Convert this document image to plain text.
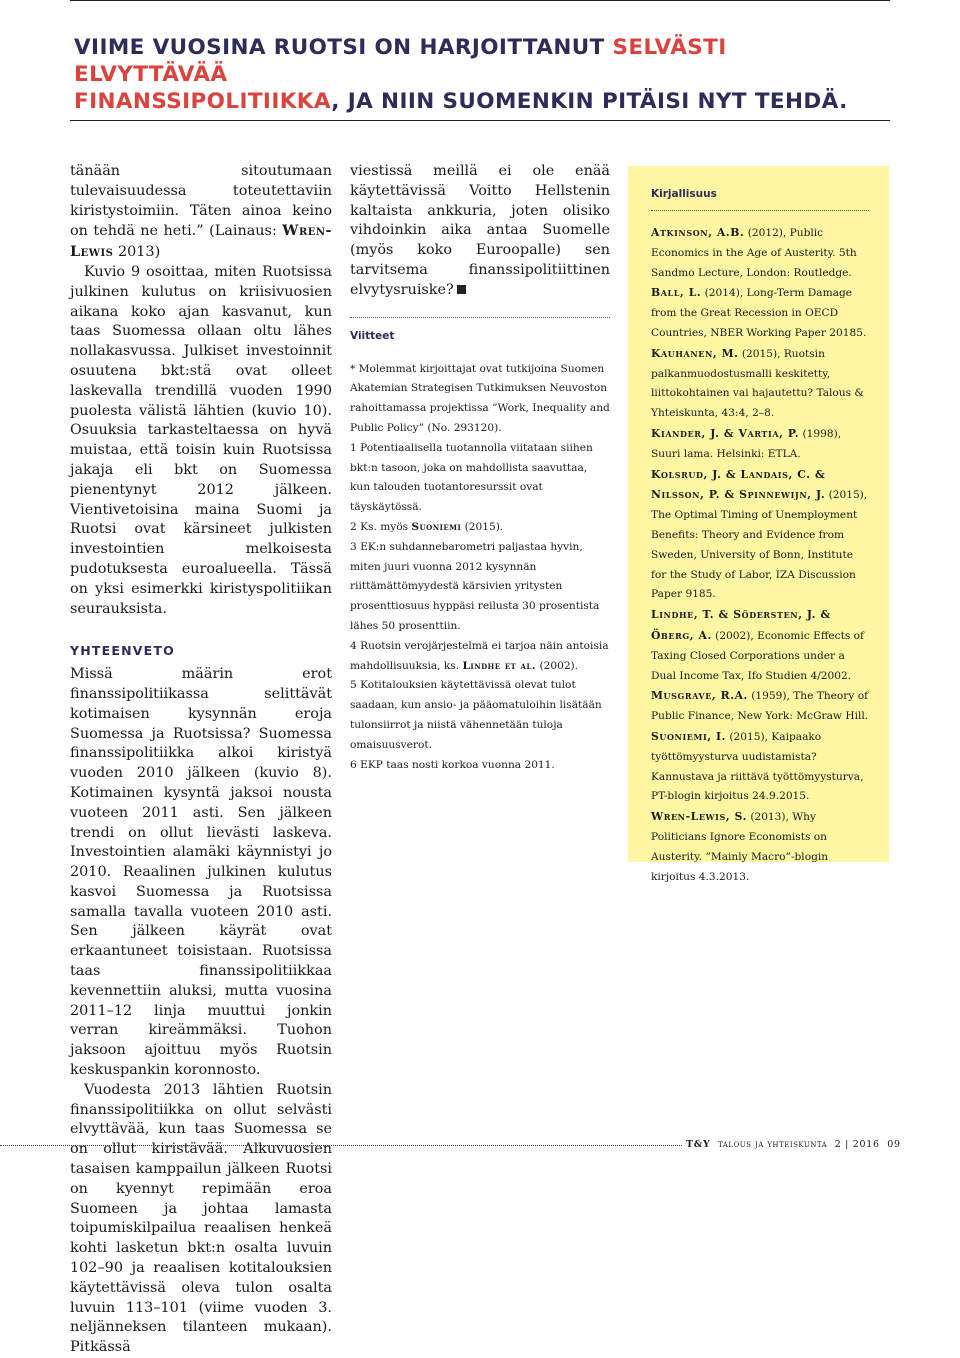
VIIME VUOSINA RUOTSI ON HARJOITTANUT SELVÄSTI ELVYTTÄVÄÄ
FINANSSIPOLITIIKKA, JA NIIN SUOMENKIN PITÄISI NYT TEHDÄ.

tänään sitoutumaan tulevaisuudessa toteutettaviin kiristystoimiin. Täten ainoa keino on tehdä ne heti.” (Lainaus: Wren-Lewis 2013)

Kuvio 9 osoittaa, miten Ruotsissa julkinen kulutus on kriisivuosien aikana koko ajan kasvanut, kun taas Suomessa ollaan oltu lähes nollakasvussa. Julkiset investoinnit osuutena bkt:stä ovat olleet laskevalla trendillä vuoden 1990 puolesta välistä lähtien (kuvio 10). Osuuksia tarkasteltaessa on hyvä muistaa, että toisin kuin Ruotsissa jakaja eli bkt on Suomessa pienentynyt 2012 jälkeen. Vientivetoisina maina Suomi ja Ruotsi ovat kärsineet julkisten investointien melkoisesta pudotuksesta euroalueella. Tässä on yksi esimerkki kiristyspolitiikan seurauksista.

YHTEENVETO

Missä määrin erot finanssipolitiikassa selittävät kotimaisen kysynnän eroja Suomessa ja Ruotsissa? Suomessa finanssipolitiikka alkoi kiristyä vuoden 2010 jälkeen (kuvio 8). Kotimainen kysyntä jaksoi nousta vuoteen 2011 asti. Sen jälkeen trendi on ollut lievästi laskeva. Investointien alamäki käynnistyi jo 2010. Reaalinen julkinen kulutus kasvoi Suomessa ja Ruotsissa samalla tavalla vuoteen 2010 asti. Sen jälkeen käyrät ovat erkaantuneet toisistaan. Ruotsissa taas finanssipolitiikkaa kevennettiin aluksi, mutta vuosina 2011–12 linja muuttui jonkin verran kireämmäksi. Tuohon jaksoon ajoittuu myös Ruotsin keskuspankin koronnosto.

Vuodesta 2013 lähtien Ruotsin finanssipolitiikka on ollut selvästi elvyttävää, kun taas Suomessa se on ollut kiristävää. Alkuvuosien tasaisen kamppailun jälkeen Ruotsi on kyennyt repimään eroa Suomeen ja johtaa lamasta toipumiskilpailua reaalisen henkeä kohti lasketun bkt:n osalta luvuin 102–90 ja reaalisen kotitalouksien käytettävissä oleva tulon osalta luvuin 113–101 (viime vuoden 3. neljänneksen tilanteen mukaan). Pitkässä

viestissä meillä ei ole enää käytettävissä Voitto Hellstenin kaltaista ankkuria, joten olisiko vihdoinkin aika antaa Suomelle (myös koko Euroopalle) sen tarvitsema finanssipolitiittinen elvytysruiske?

Viitteet
* Molemmat kirjoittajat ovat tutkijoina Suomen Akatemian Strategisen Tutkimuksen Neuvoston rahoittamassa projektissa ”Work, Inequality and Public Policy” (No. 293120).
1 Potentiaalisella tuotannolla viitataan siihen bkt:n tasoon, joka on mahdollista saavuttaa, kun talouden tuotantoresurssit ovat täyskäytössä.
2 Ks. myös Suoniemi (2015).
3 EK:n suhdannebarometri paljastaa hyvin, miten juuri vuonna 2012 kysynnän riittämättömyydestä kärsivien yritysten prosenttiosuus hyppäsi reilusta 30 prosentista lähes 50 prosenttiin.
4 Ruotsin verojärjestelmä ei tarjoa näin antoisia mahdollisuuksia, ks. Lindhe et al. (2002).
5 Kotitalouksien käytettävissä olevat tulot saadaan, kun ansio- ja pääomatuloihin lisätään tulonsiirrot ja niistä vähennetään tuloja omaisuusverot.
6 EKP taas nosti korkoa vuonna 2011.
Kirjallisuus
Atkinson, A.B. (2012), Public Economics in the Age of Austerity. 5th Sandmo Lecture, London: Routledge.
Ball, L. (2014), Long-Term Damage from the Great Recession in OECD Countries, NBER Working Paper 20185.
Kauhanen, M. (2015), Ruotsin palkanmuodostusmalli keskitetty, liittokohtainen vai hajautettu? Talous & Yhteiskunta, 43:4, 2–8.
Kiander, J. & Vartia, P. (1998), Suuri lama. Helsinki: ETLA.
Kolsrud, J. & Landais, C. & Nilsson, P. & Spinnewijn, J. (2015), The Optimal Timing of Unemployment Benefits: Theory and Evidence from Sweden, University of Bonn, Institute for the Study of Labor, IZA Discussion Paper 9185.
Lindhe, T. & Södersten, J. & Öberg, A. (2002), Economic Effects of Taxing Closed Corporations under a Dual Income Tax, Ifo Studien 4/2002.
Musgrave, R.A. (1959), The Theory of Public Finance, New York: McGraw Hill.
Suoniemi, I. (2015), Kaipaako työttömyysturva uudistamista? Kannustava ja riittävä työttömyysturva, PT-blogin kirjoitus 24.9.2015.
Wren-Lewis, S. (2013), Why Politicians Ignore Economists on Austerity. ”Mainly Macro”-blogin kirjoitus 4.3.2013.
T&Y talous ja yhteiskunta 2 | 2016 09
